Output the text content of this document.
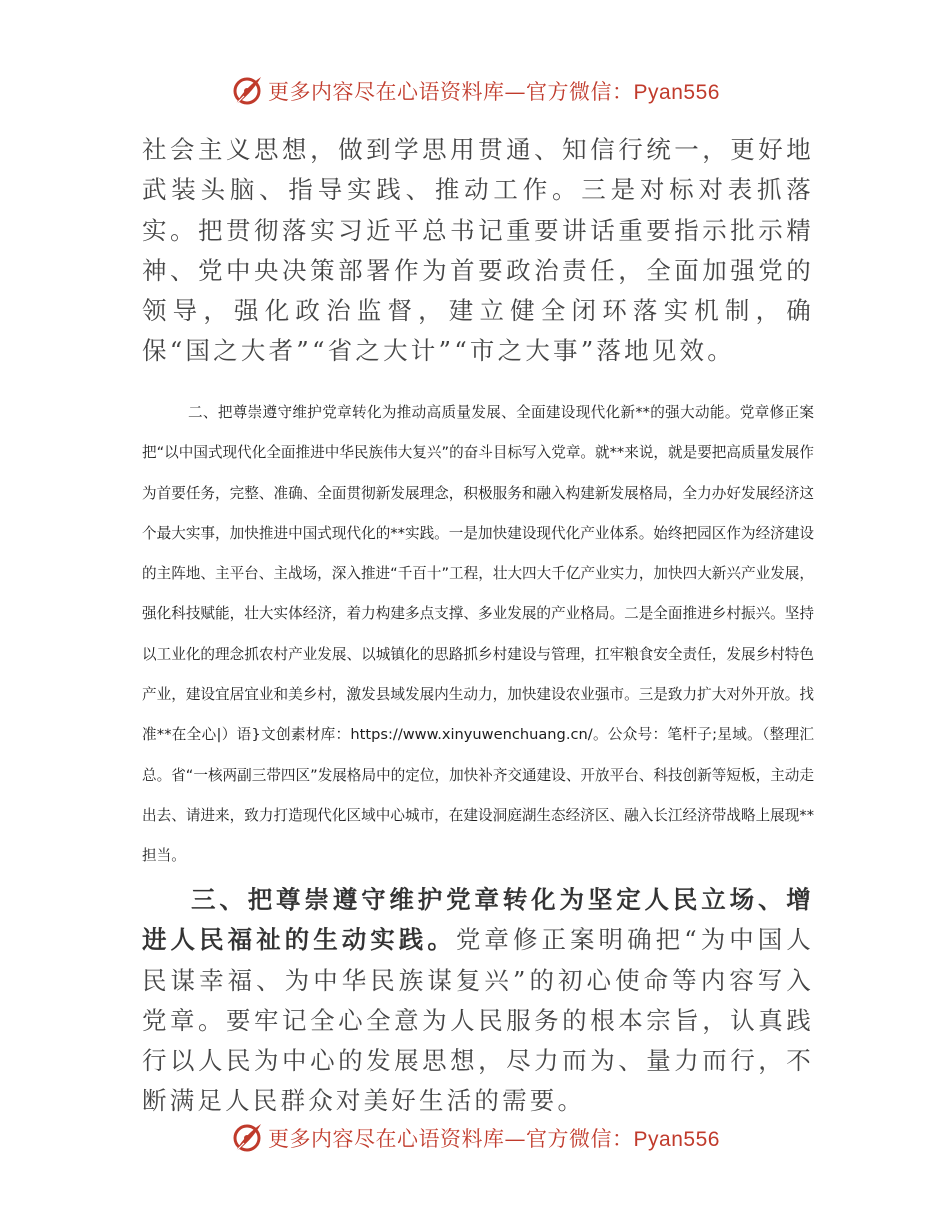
更多内容尽在心语资料库—官方微信：Pyan556

社会主义思想，做到学思用贯通、知信行统一，更好地武装头脑、指导实践、推动工作。三是对标对表抓落实。把贯彻落实习近平总书记重要讲话重要指示批示精神、党中央决策部署作为首要政治责任，全面加强党的领导，强化政治监督，建立健全闭环落实机制，确保“国之大者”“省之大计”“市之大事”落地见效。

二、把尊崇遵守维护党章转化为推动高质量发展、全面建设现代化新**的强大动能。党章修正案把“以中国式现代化全面推进中华民族伟大复兴”的奋斗目标写入党章。就**来说，就是要把高质量发展作为首要任务，完整、准确、全面贯彻新发展理念，积极服务和融入构建新发展格局，全力办好发展经济这个最大实事，加快推进中国式现代化的**实践。一是加快建设现代化产业体系。始终把园区作为经济建设的主阵地、主平台、主战场，深入推进“千百十”工程，壮大四大千亿产业实力，加快四大新兴产业发展，强化科技赋能，壮大实体经济，着力构建多点支撑、多业发展的产业格局。二是全面推进乡村振兴。坚持以工业化的理念抓农村产业发展、以城镇化的思路抓乡村建设与管理，扛牢粮食安全责任，发展乡村特色产业，建设宜居宜业和美乡村，激发县域发展内生动力，加快建设农业强市。三是致力扩大对外开放。找准**在全心|）语}文创素材库：https://www.xinyuwenchuang.cn/。公众号：笔杆子;星域。（整理汇总。省“一核两副三带四区”发展格局中的定位，加快补齐交通建设、开放平台、科技创新等短板，主动走出去、请进来，致力打造现代化区域中心城市，在建设洞庭湖生态经济区、融入长江经济带战略上展现**担当。

三、把尊崇遵守维护党章转化为坚定人民立场、增进人民福祉的生动实践。党章修正案明确把“为中国人民谋幸福、为中华民族谋复兴”的初心使命等内容写入党章。要牢记全心全意为人民服务的根本宗旨，认真践行以人民为中心的发展思想，尽力而为、量力而行，不断满足人民群众对美好生活的需要。

更多内容尽在心语资料库—官方微信：Pyan556
